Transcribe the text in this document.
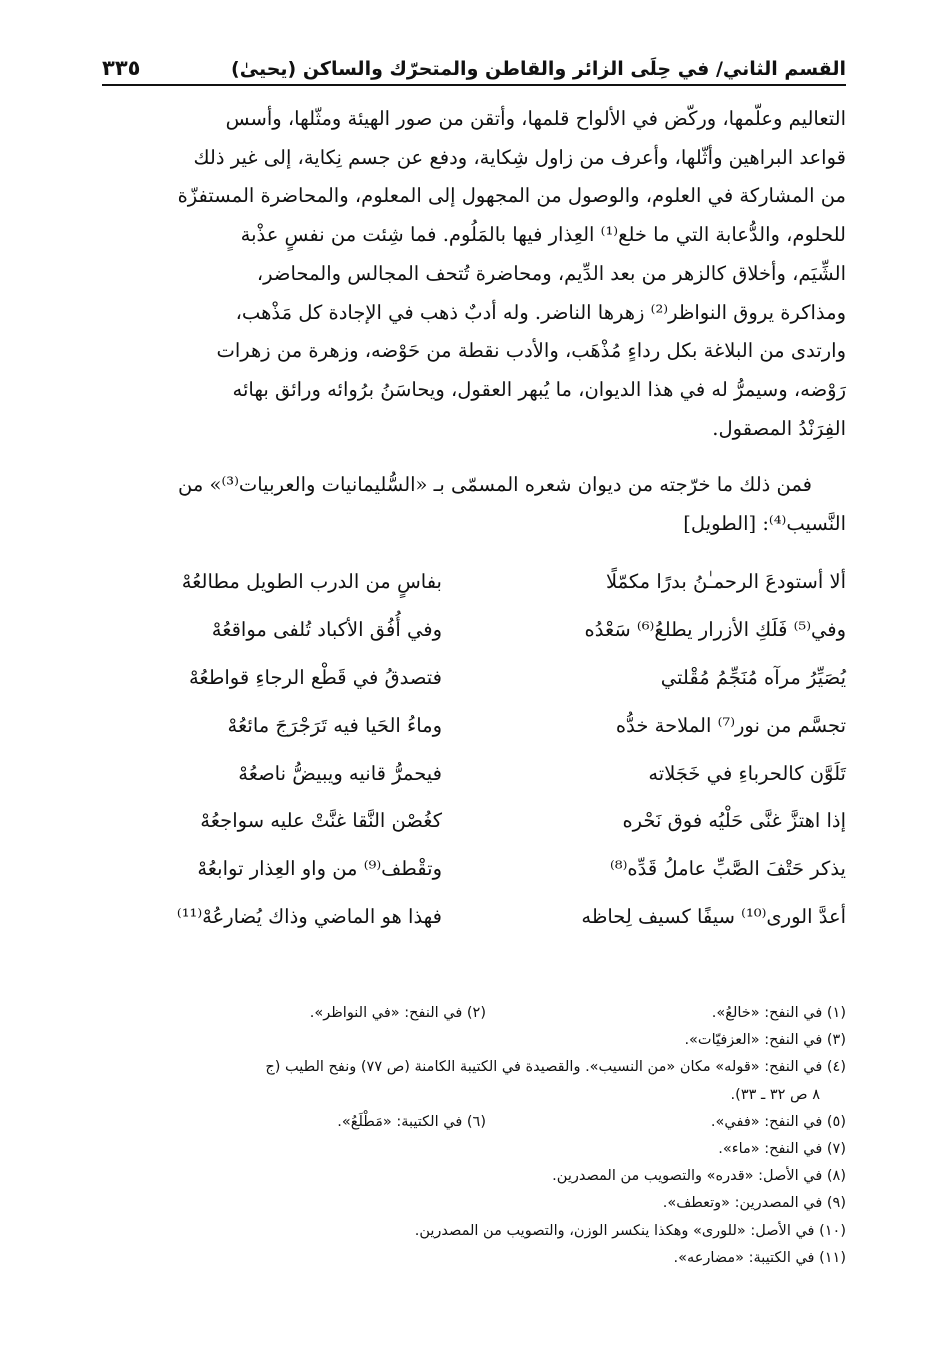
القسم الثاني/ في حِلَى الزائر والقاطن والمتحرّك والساكن (يحيىٰ)
٣٣٥

التعاليم وعلّمها، وركّض في الألواح قلمها، وأتقن من صور الهيئة ومثّلها، وأسس

قواعد البراهين وأثّلها، وأعرف من زاول شِكاية، ودفع عن جسم نِكاية، إلى غير ذلك

من المشاركة في العلوم، والوصول من المجهول إلى المعلوم، والمحاضرة المستفزّة

للحلوم، والدُّعابة التي ما خلع⁽¹⁾ العِذار فيها بالمَلُوم. فما شِئت من نفسٍ عذْبة

الشِّيَم، وأخلاق كالزهر من بعد الدِّيم، ومحاضرة تُتحف المجالس والمحاضر،

ومذاكرة يروق النواظر⁽²⁾ زهرها الناضر. وله أدبٌ ذهب في الإجادة كل مَذْهب،

وارتدى من البلاغة بكل رداءٍ مُذْهَب، والأدب نقطة من حَوْضه، وزهرة من زهرات

رَوْضه، وسيمرُّ له في هذا الديوان، ما يُبهر العقول، ويحاسَنُ برُوائه ورائق بهائه

الفِرَنْدُ المصقول.

فمن ذلك ما خرّجته من ديوان شعره المسمّى بـ «السُّليمانيات والعربيات⁽³⁾» من

النَّسيب⁽⁴⁾: [الطويل]

ألا أستودعَ الرحمـٰنُ بدرًا مكمّلًا
بفاسٍ من الدرب الطويل مطالعُهْ
وفي⁽⁵⁾ فَلَكِ الأزرار يطلعُ⁽⁶⁾ سَعْدُه
وفي أُفُق الأكباد تُلفى مواقعُهْ
يُصَيِّرُ مرآه مُنَجِّمُ مُقْلتي
فتصدقُ في قَطْع الرجاءِ قواطعُهْ
تجسَّم من نور⁽⁷⁾ الملاحة خدُّه
وماءُ الحَيا فيه تَرَجْرَجَ مائعُهْ
تَلَوَّن كالحرباءِ في خَجَلاته
فيحمرُّ قانيه ويبيضُّ ناصعُهْ
إذا اهتزَّ غنَّى حَلْيُه فوق نَحْره
كغُصْن النَّقا غنَّتْ عليه سواجعُهْ
يذكر حَتْفَ الصَّبِّ عاملُ قَدِّه⁽⁸⁾
وتقْطف⁽⁹⁾ من واو العِذار توابعُهْ
أعدَّ الورى⁽¹⁰⁾ سيفًا كسيف لِحاظه
فهذا هو الماضي وذاك يُضارعُهْ⁽¹¹⁾
(١) في النفح: «خالعُ».
(٢) في النفح: «في النواظر».
(٣) في النفح: «العزفيّات».
(٤) في النفح: «قوله» مكان «من النسيب». والقصيدة في الكتيبة الكامنة (ص ٧٧) ونفح الطيب (ج
٨ ص ٣٢ ـ ٣٣).
(٥) في النفح: «ففي».
(٦) في الكتيبة: «مَطْلَعُ».
(٧) في النفح: «ماء».
(٨) في الأصل: «قدره» والتصويب من المصدرين.
(٩) في المصدرين: «وتعطف».
(١٠) في الأصل: «للورى» وهكذا ينكسر الوزن، والتصويب من المصدرين.
(١١) في الكتيبة: «مضارعه».
